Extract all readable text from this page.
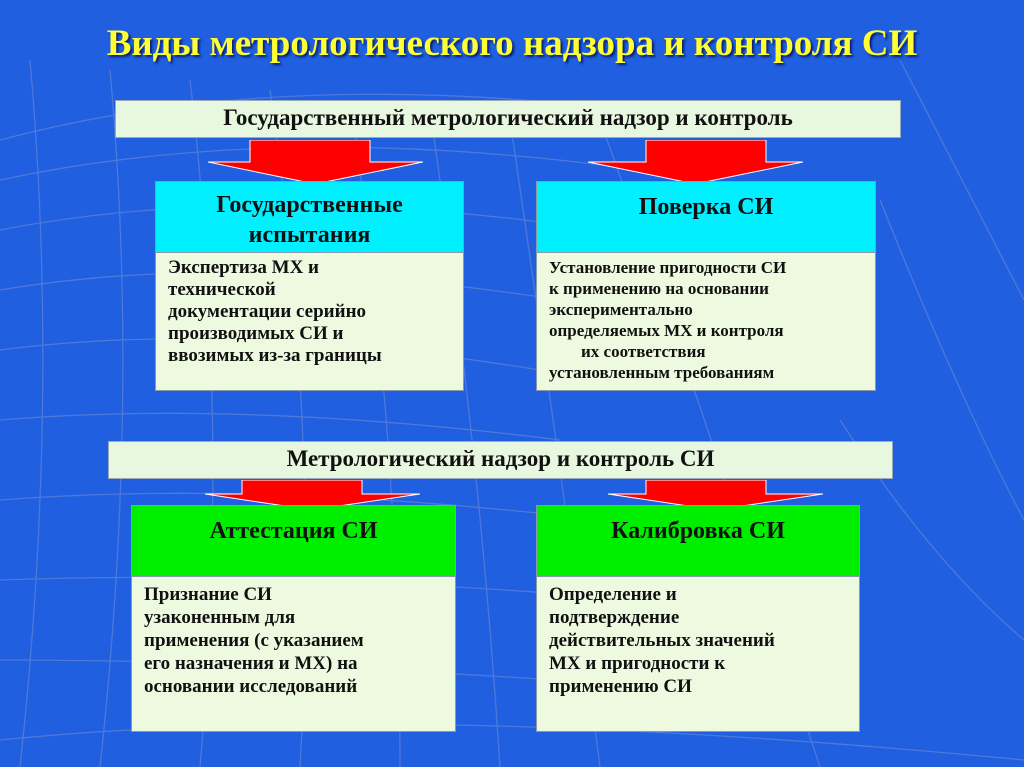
Виды метрологического надзора и контроля СИ
Государственный метрологический надзор и контроль
Государственные испытания
Экспертиза МХ и
технической
документации серийно
производимых СИ и
ввозимых из-за границы
Поверка СИ
Установление пригодности СИ
к применению на основании
экспериментально
определяемых МХ и контроля
их соответствия
установленным требованиям
Метрологический надзор и контроль СИ
Аттестация СИ
Признание СИ
узаконенным для
применения (с указанием
его назначения и МХ) на
основании исследований
Калибровка СИ
Определение и
подтверждение
действительных значений
МХ и пригодности к
применению СИ
